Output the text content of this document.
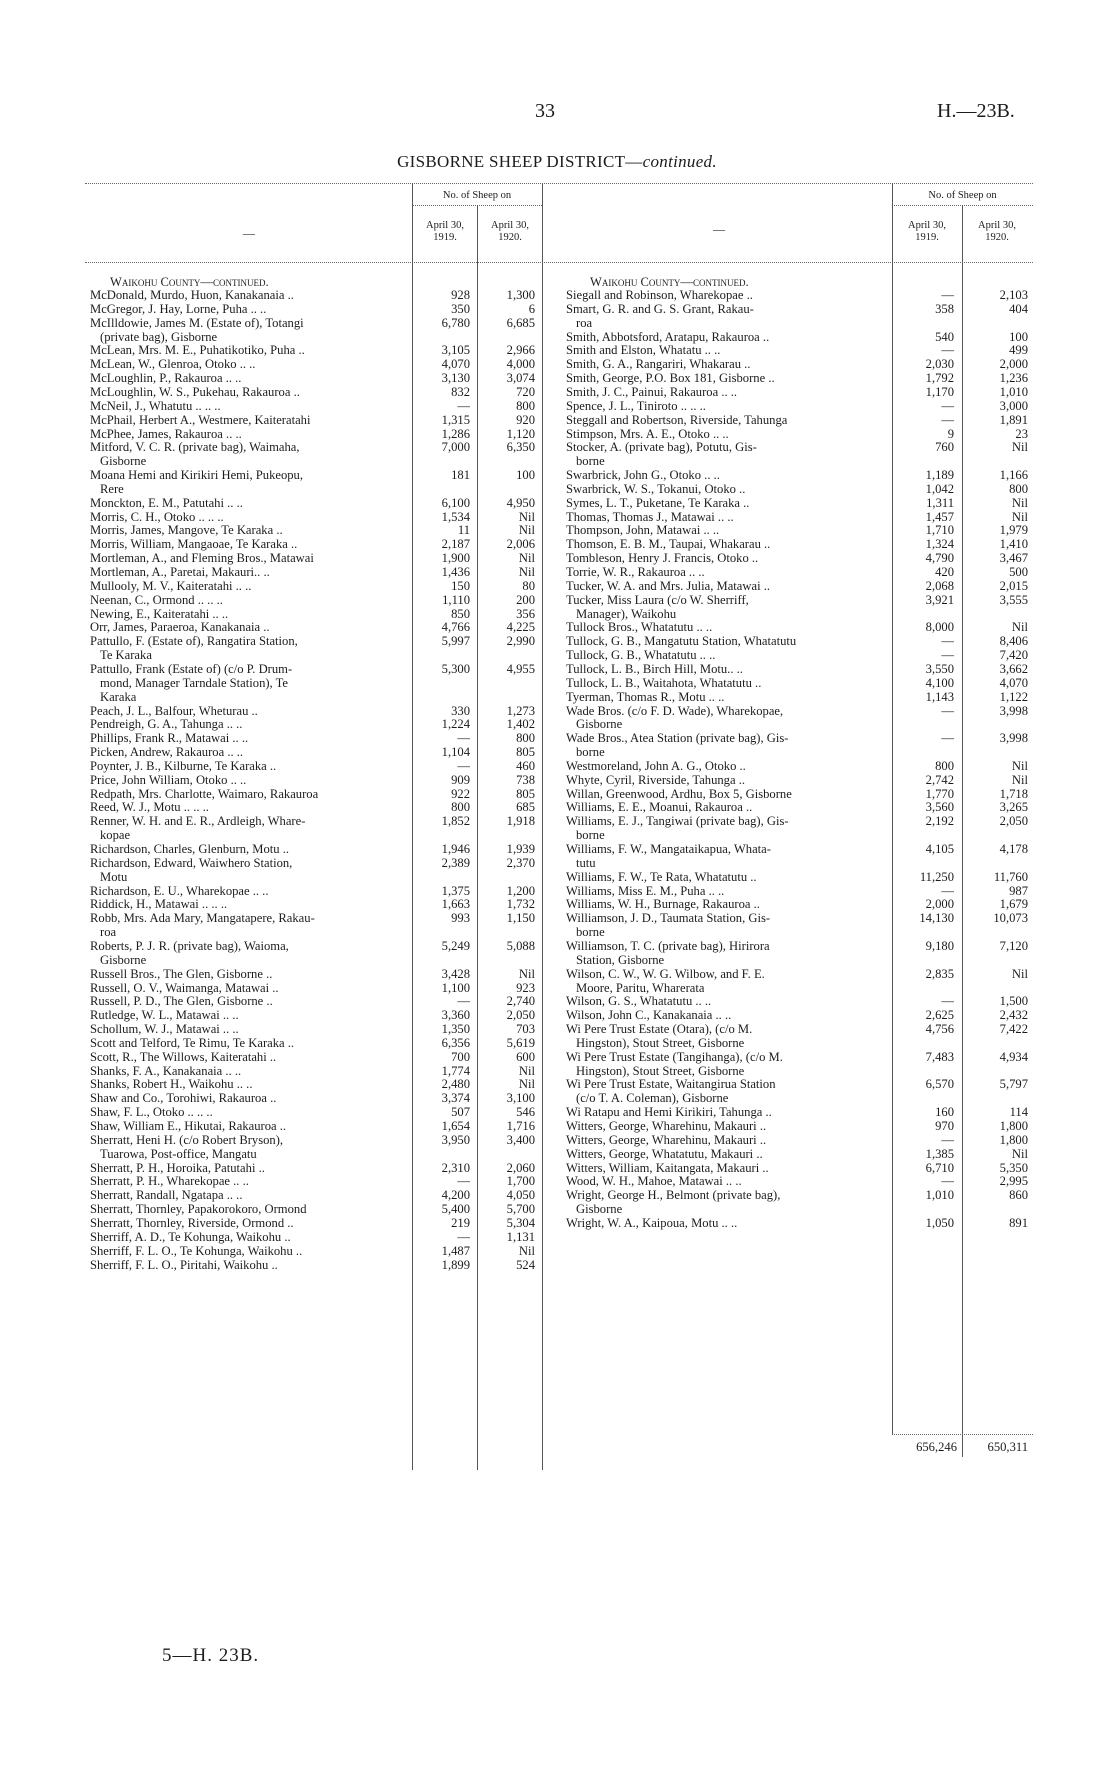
33	H.—23B.
GISBORNE SHEEP DISTRICT—continued.
—	—
No. of Sheep on
April 30, 1919.
April 30, 1920.
No. of Sheep on
April 30, 1919.
April 30, 1920.
Waikohu County—continued.	Waikohu County—continued.
McDonald, Murdo, Huon, Kanakanaia ..	928	1,300
McGregor, J. Hay, Lorne, Puha .. ..	350	6
McIlldowie, James M. (Estate of), Totangi	6,780	6,685
(private bag), Gisborne
McLean, Mrs. M. E., Puhatikotiko, Puha ..	3,105	2,966
McLean, W., Glenroa, Otoko .. ..	4,070	4,000
McLoughlin, P., Rakauroa .. ..	3,130	3,074
McLoughlin, W. S., Pukehau, Rakauroa ..	832	720
McNeil, J., Whatutu .. .. ..	—	800
McPhail, Herbert A., Westmere, Kaiteratahi	1,315	920
McPhee, James, Rakauroa .. ..	1,286	1,120
Mitford, V. C. R. (private bag), Waimaha,	7,000	6,350
Gisborne
Moana Hemi and Kirikiri Hemi, Pukeopu,	181	100
Rere
Monckton, E. M., Patutahi .. ..	6,100	4,950
Morris, C. H., Otoko .. .. ..	1,534	Nil
Morris, James, Mangove, Te Karaka ..	11	Nil
Morris, William, Mangaoae, Te Karaka ..	2,187	2,006
Mortleman, A., and Fleming Bros., Matawai	1,900	Nil
Mortleman, A., Paretai, Makauri.. ..	1,436	Nil
Mullooly, M. V., Kaiteratahi .. ..	150	80
Neenan, C., Ormond .. .. ..	1,110	200
Newing, E., Kaiteratahi .. ..	850	356
Orr, James, Paraeroa, Kanakanaia ..	4,766	4,225
Pattullo, F. (Estate of), Rangatira Station,	5,997	2,990
Te Karaka
Pattullo, Frank (Estate of) (c/o P. Drum-	5,300	4,955
mond, Manager Tarndale Station), Te
Karaka
Peach, J. L., Balfour, Wheturau ..	330	1,273
Pendreigh, G. A., Tahunga .. ..	1,224	1,402
Phillips, Frank R., Matawai .. ..	—	800
Picken, Andrew, Rakauroa .. ..	1,104	805
Poynter, J. B., Kilburne, Te Karaka ..	—	460
Price, John William, Otoko .. ..	909	738
Redpath, Mrs. Charlotte, Waimaro, Rakauroa	922	805
Reed, W. J., Motu .. .. ..	800	685
Renner, W. H. and E. R., Ardleigh, Whare-	1,852	1,918
kopae
Richardson, Charles, Glenburn, Motu ..	1,946	1,939
Richardson, Edward, Waiwhero Station,	2,389	2,370
Motu
Richardson, E. U., Wharekopae .. ..	1,375	1,200
Riddick, H., Matawai .. .. ..	1,663	1,732
Robb, Mrs. Ada Mary, Mangatapere, Rakau-	993	1,150
roa
Roberts, P. J. R. (private bag), Waioma,	5,249	5,088
Gisborne
Russell Bros., The Glen, Gisborne ..	3,428	Nil
Russell, O. V., Waimanga, Matawai ..	1,100	923
Russell, P. D., The Glen, Gisborne ..	—	2,740
Rutledge, W. L., Matawai .. ..	3,360	2,050
Schollum, W. J., Matawai .. ..	1,350	703
Scott and Telford, Te Rimu, Te Karaka ..	6,356	5,619
Scott, R., The Willows, Kaiteratahi ..	700	600
Shanks, F. A., Kanakanaia .. ..	1,774	Nil
Shanks, Robert H., Waikohu .. ..	2,480	Nil
Shaw and Co., Torohiwi, Rakauroa ..	3,374	3,100
Shaw, F. L., Otoko .. .. ..	507	546
Shaw, William E., Hikutai, Rakauroa ..	1,654	1,716
Sherratt, Heni H. (c/o Robert Bryson),	3,950	3,400
Tuarowa, Post-office, Mangatu
Sherratt, P. H., Horoika, Patutahi ..	2,310	2,060
Sherratt, P. H., Wharekopae .. ..	—	1,700
Sherratt, Randall, Ngatapa .. ..	4,200	4,050
Sherratt, Thornley, Papakorokoro, Ormond	5,400	5,700
Sherratt, Thornley, Riverside, Ormond ..	219	5,304
Sherriff, A. D., Te Kohunga, Waikohu ..	—	1,131
Sherriff, F. L. O., Te Kohunga, Waikohu ..	1,487	Nil
Sherriff, F. L. O., Piritahi, Waikohu ..	1,899	524
Siegall and Robinson, Wharekopae ..	—	2,103
Smart, G. R. and G. S. Grant, Rakau-	358	404
roa
Smith, Abbotsford, Aratapu, Rakauroa ..	540	100
Smith and Elston, Whatatu .. ..	—	499
Smith, G. A., Rangariri, Whakarau ..	2,030	2,000
Smith, George, P.O. Box 181, Gisborne ..	1,792	1,236
Smith, J. C., Painui, Rakauroa .. ..	1,170	1,010
Spence, J. L., Tiniroto .. .. ..	—	3,000
Steggall and Robertson, Riverside, Tahunga	—	1,891
Stimpson, Mrs. A. E., Otoko .. ..	9	23
Stocker, A. (private bag), Potutu, Gis-	760	Nil
borne
Swarbrick, John G., Otoko .. ..	1,189	1,166
Swarbrick, W. S., Tokanui, Otoko ..	1,042	800
Symes, L. T., Puketane, Te Karaka ..	1,311	Nil
Thomas, Thomas J., Matawai .. ..	1,457	Nil
Thompson, John, Matawai .. ..	1,710	1,979
Thomson, E. B. M., Taupai, Whakarau ..	1,324	1,410
Tombleson, Henry J. Francis, Otoko ..	4,790	3,467
Torrie, W. R., Rakauroa .. ..	420	500
Tucker, W. A. and Mrs. Julia, Matawai ..	2,068	2,015
Tucker, Miss Laura (c/o W. Sherriff,	3,921	3,555
Manager), Waikohu
Tullock Bros., Whatatutu .. ..	8,000	Nil
Tullock, G. B., Mangatutu Station, Whatatutu	—	8,406
Tullock, G. B., Whatatutu .. ..	—	7,420
Tullock, L. B., Birch Hill, Motu.. ..	3,550	3,662
Tullock, L. B., Waitahota, Whatatutu ..	4,100	4,070
Tyerman, Thomas R., Motu .. ..	1,143	1,122
Wade Bros. (c/o F. D. Wade), Wharekopae,	—	3,998
Gisborne
Wade Bros., Atea Station (private bag), Gis-	—	3,998
borne
Westmoreland, John A. G., Otoko ..	800	Nil
Whyte, Cyril, Riverside, Tahunga ..	2,742	Nil
Willan, Greenwood, Ardhu, Box 5, Gisborne	1,770	1,718
Williams, E. E., Moanui, Rakauroa ..	3,560	3,265
Williams, E. J., Tangiwai (private bag), Gis-	2,192	2,050
borne
Williams, F. W., Mangataikapua, Whata-	4,105	4,178
tutu
Williams, F. W., Te Rata, Whatatutu ..	11,250	11,760
Williams, Miss E. M., Puha .. ..	—	987
Williams, W. H., Burnage, Rakauroa ..	2,000	1,679
Williamson, J. D., Taumata Station, Gis-	14,130	10,073
borne
Williamson, T. C. (private bag), Hirirora	9,180	7,120
Station, Gisborne
Wilson, C. W., W. G. Wilbow, and F. E.	2,835	Nil
Moore, Paritu, Wharerata
Wilson, G. S., Whatatutu .. ..	—	1,500
Wilson, John C., Kanakanaia .. ..	2,625	2,432
Wi Pere Trust Estate (Otara), (c/o M.	4,756	7,422
Hingston), Stout Street, Gisborne
Wi Pere Trust Estate (Tangihanga), (c/o M.	7,483	4,934
Hingston), Stout Street, Gisborne
Wi Pere Trust Estate, Waitangirua Station	6,570	5,797
(c/o T. A. Coleman), Gisborne
Wi Ratapu and Hemi Kirikiri, Tahunga ..	160	114
Witters, George, Wharehinu, Makauri ..	970	1,800
Witters, George, Wharehinu, Makauri ..	—	1,800
Witters, George, Whatatutu, Makauri ..	1,385	Nil
Witters, William, Kaitangata, Makauri ..	6,710	5,350
Wood, W. H., Mahoe, Matawai .. ..	—	2,995
Wright, George H., Belmont (private bag),	1,010	860
Gisborne
Wright, W. A., Kaipoua, Motu .. ..	1,050	891
656,246	650,311
5—H. 23B.
